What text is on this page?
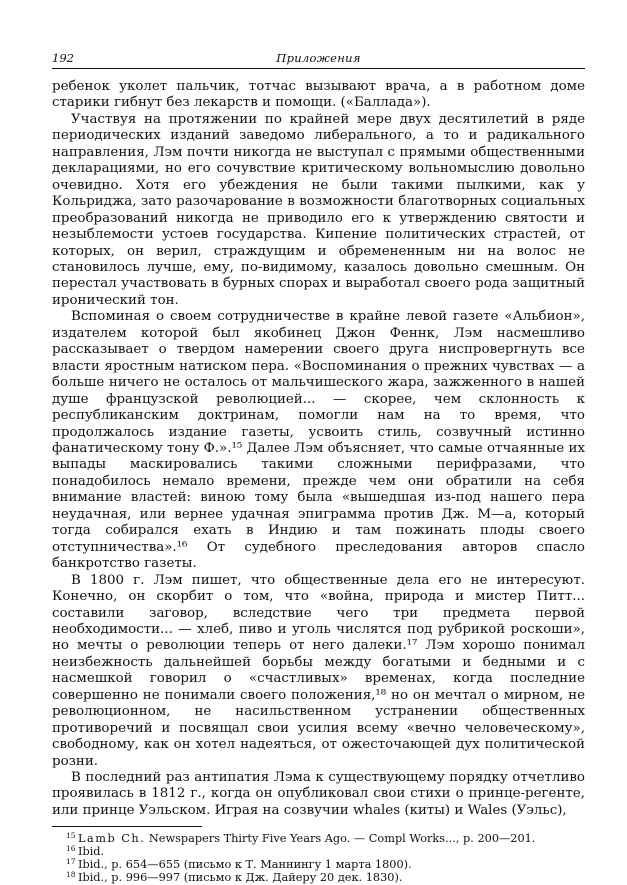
192	Приложения

ребенок уколет пальчик, тотчас вызывают врача, а в работном доме старики гибнут без лекарств и помощи. («Баллада»).

Участвуя на протяжении по крайней мере двух десятилетий в ряде периодических изданий заведомо либерального, а то и радикального направления, Лэм почти никогда не выступал с прямыми общественными декларациями, но его сочувствие критическому вольномыслию довольно очевидно. Хотя его убеждения не были такими пылкими, как у Кольриджа, зато разочарование в возможности благотворных социальных преобразований никогда не приводило его к утверждению святости и незыблемости устоев государства. Кипение политических страстей, от которых, он верил, страждущим и обремененным ни на волос не становилось лучше, ему, по-видимому, казалось довольно смешным. Он перестал участвовать в бурных спорах и выработал своего рода защитный иронический тон.

Вспоминая о своем сотрудничестве в крайне левой газете «Альбион», издателем которой был якобинец Джон Феннк, Лэм насмешливо рассказывает о твердом намерении своего друга ниспровергнуть все власти яростным натиском пера. «Воспоминания о прежних чувствах — а больше ничего не осталось от мальчишеского жара, зажженного в нашей душе французской революцией... — скорее, чем склонность к республиканским доктринам, помогли нам на то время, что продолжалось издание газеты, усвоить стиль, созвучный истинно фанатическому тону Ф.».¹⁵ Далее Лэм объясняет, что самые отчаянные их выпады маскировались такими сложными перифразами, что понадобилось немало времени, прежде чем они обратили на себя внимание властей: виною тому была «вышедшая из-под нашего пера неудачная, или вернее удачная эпиграмма против Дж. М—а, который тогда собирался ехать в Индию и там пожинать плоды своего отступничества».¹⁶ От судебного преследования авторов спасло банкротство газеты.

В 1800 г. Лэм пишет, что общественные дела его не интересуют. Конечно, он скорбит о том, что «война, природа и мистер Питт... составили заговор, вследствие чего три предмета первой необходимости... — хлеб, пиво и уголь числятся под рубрикой роскоши», но мечты о революции теперь от него далеки.¹⁷ Лэм хорошо понимал неизбежность дальнейшей борьбы между богатыми и бедными и с насмешкой говорил о «счастливых» временах, когда последние совершенно не понимали своего положения,¹⁸ но он мечтал о мирном, не революционном, не насильственном устранении общественных противоречий и посвящал свои усилия всему «вечно человеческому», свободному, как он хотел надеяться, от ожесточающей дух политической розни.

В последний раз антипатия Лэма к существующему порядку отчетливо проявилась в 1812 г., когда он опубликовал свои стихи о принце-регенте, или принце Уэльском. Играя на созвучии whales (киты) и Wales (Уэльс),

15 Lamb Ch. Newspapers Thirty Five Years Ago. — Compl Works..., p. 200—201.
16 Ibid.
17 Ibid., p. 654—655 (письмо к Т. Маннингу 1 марта 1800).
18 Ibid., p. 996—997 (письмо к Дж. Дайеру 20 дек. 1830).
